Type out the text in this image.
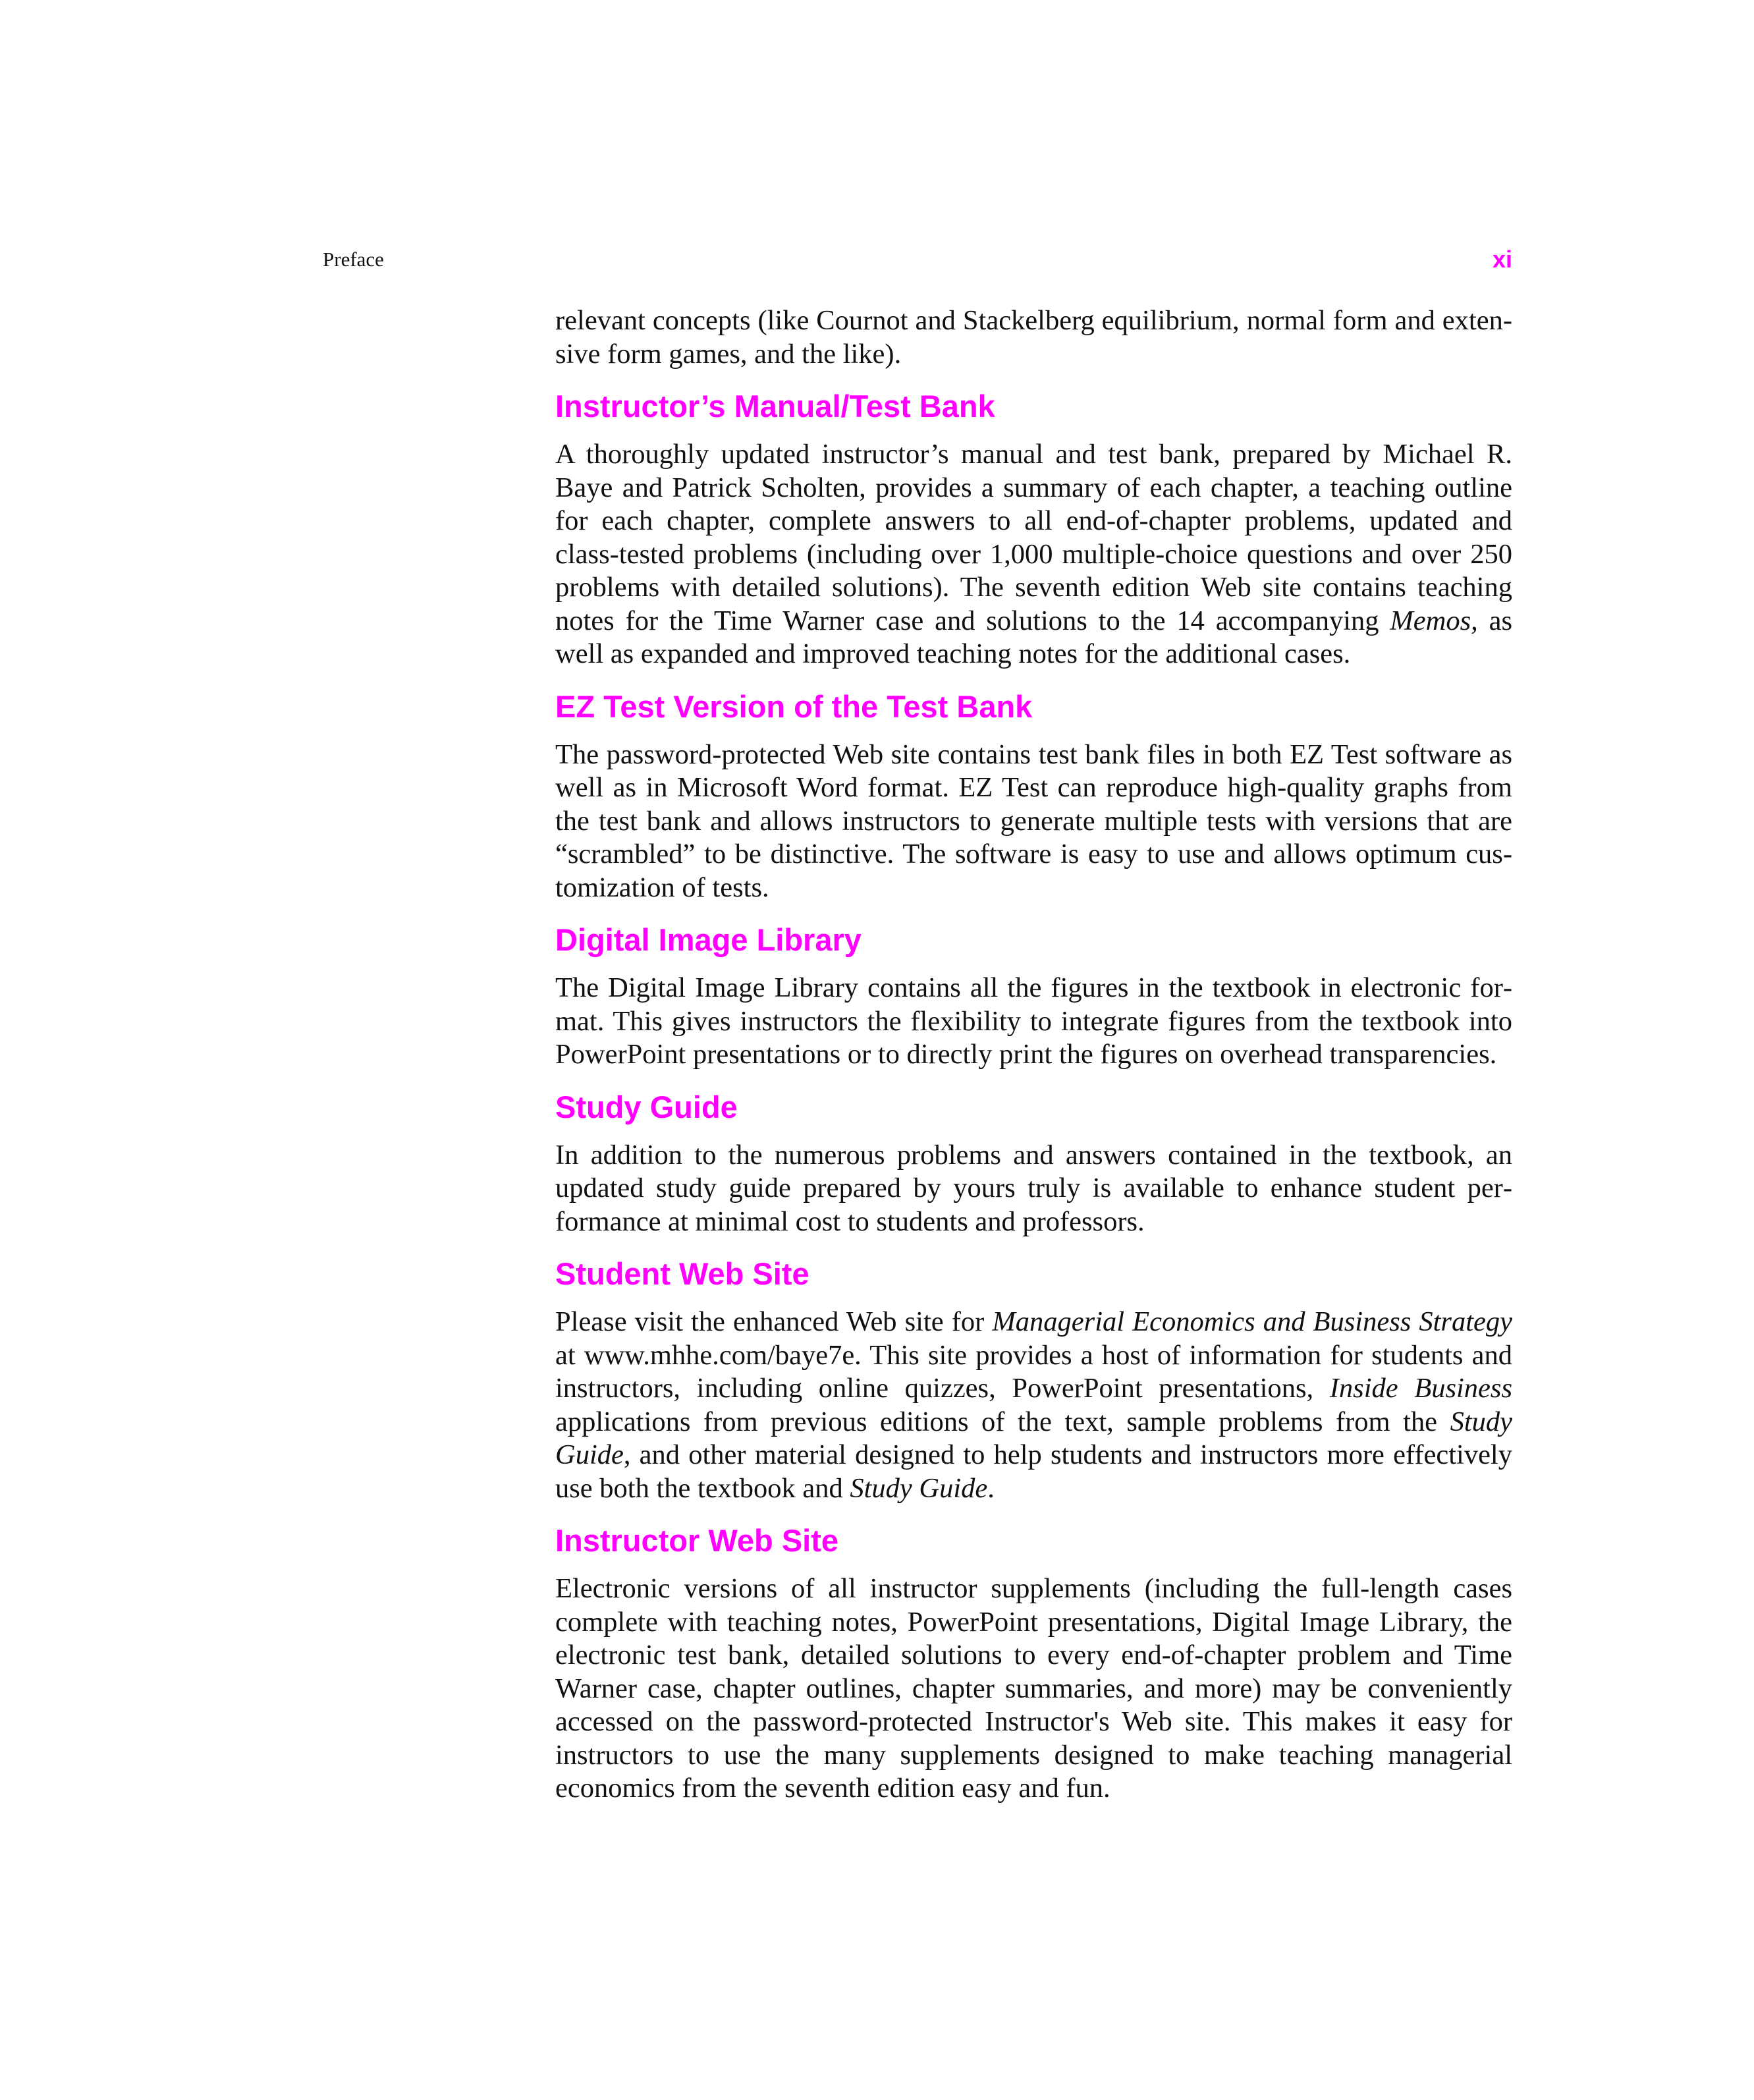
Preface	xi

relevant concepts (like Cournot and Stackelberg equilibrium, normal form and extensive form games, and the like).

Instructor’s Manual/Test Bank

A thoroughly updated instructor’s manual and test bank, prepared by Michael R. Baye and Patrick Scholten, provides a summary of each chapter, a teaching outline for each chapter, complete answers to all end-of-chapter problems, updated and class-tested problems (including over 1,000 multiple-choice questions and over 250 problems with detailed solutions). The seventh edition Web site contains teaching notes for the Time Warner case and solutions to the 14 accompanying Memos, as well as expanded and improved teaching notes for the additional cases.

EZ Test Version of the Test Bank

The password-protected Web site contains test bank files in both EZ Test software as well as in Microsoft Word format. EZ Test can reproduce high-quality graphs from the test bank and allows instructors to generate multiple tests with versions that are “scrambled” to be distinctive. The software is easy to use and allows optimum customization of tests.

Digital Image Library

The Digital Image Library contains all the figures in the textbook in electronic format. This gives instructors the flexibility to integrate figures from the textbook into PowerPoint presentations or to directly print the figures on overhead transparencies.

Study Guide

In addition to the numerous problems and answers contained in the textbook, an updated study guide prepared by yours truly is available to enhance student performance at minimal cost to students and professors.

Student Web Site

Please visit the enhanced Web site for Managerial Economics and Business Strategy at www.mhhe.com/baye7e. This site provides a host of information for students and instructors, including online quizzes, PowerPoint presentations, Inside Business applications from previous editions of the text, sample problems from the Study Guide, and other material designed to help students and instructors more effectively use both the textbook and Study Guide.

Instructor Web Site

Electronic versions of all instructor supplements (including the full-length cases complete with teaching notes, PowerPoint presentations, Digital Image Library, the electronic test bank, detailed solutions to every end-of-chapter problem and Time Warner case, chapter outlines, chapter summaries, and more) may be conveniently accessed on the password-protected Instructor's Web site. This makes it easy for instructors to use the many supplements designed to make teaching managerial economics from the seventh edition easy and fun.
